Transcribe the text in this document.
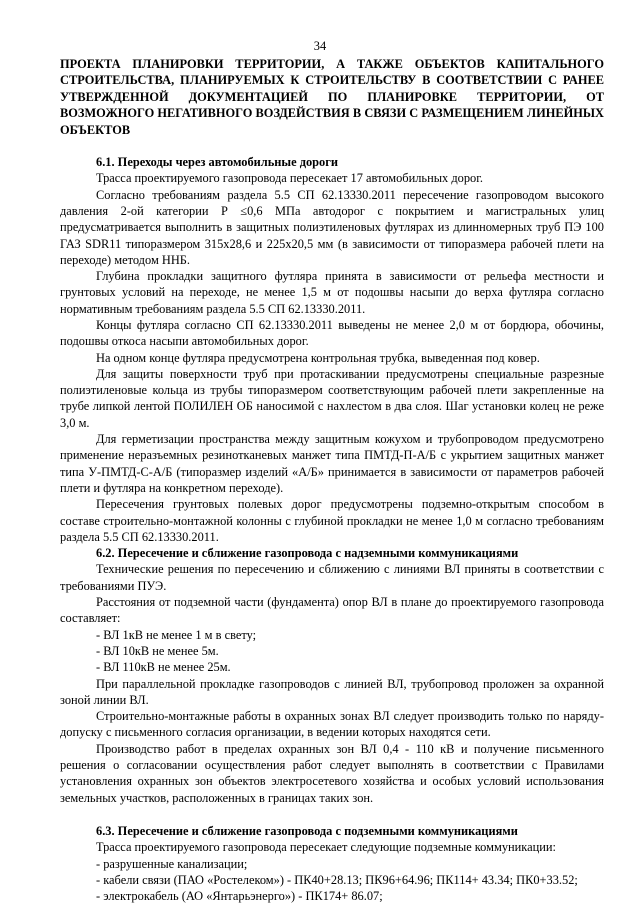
34
ПРОЕКТА ПЛАНИРОВКИ ТЕРРИТОРИИ, А ТАКЖЕ ОБЪЕКТОВ КАПИТАЛЬНОГО СТРОИТЕЛЬСТВА, ПЛАНИРУЕМЫХ К СТРОИТЕЛЬСТВУ В СООТВЕТСТВИИ С РАНЕЕ УТВЕРЖДЕННОЙ ДОКУМЕНТАЦИЕЙ ПО ПЛАНИРОВКЕ ТЕРРИТОРИИ, ОТ ВОЗМОЖНОГО НЕГАТИВНОГО ВОЗДЕЙСТВИЯ В СВЯЗИ С РАЗМЕЩЕНИЕМ ЛИНЕЙНЫХ ОБЪЕКТОВ
6.1. Переходы через автомобильные дороги

Трасса проектируемого газопровода пересекает 17 автомобильных дорог.

Согласно требованиям раздела 5.5 СП 62.13330.2011 пересечение газопроводом высокого давления 2-ой категории Р ≤0,6 МПа автодорог с покрытием и магистральных улиц предусматривается выполнить в защитных полиэтиленовых футлярах из длинномерных труб ПЭ 100 ГАЗ SDR11 типоразмером 315х28,6 и 225х20,5 мм (в зависимости от типоразмера рабочей плети на переходе) методом ННБ.

Глубина прокладки защитного футляра принята в зависимости от рельефа местности и грунтовых условий на переходе, не менее 1,5 м от подошвы насыпи до верха футляра согласно нормативным требованиям раздела 5.5 СП 62.13330.2011.

Концы футляра согласно СП 62.13330.2011 выведены не менее 2,0 м от бордюра, обочины, подошвы откоса насыпи автомобильных дорог.

На одном конце футляра предусмотрена контрольная трубка, выведенная под ковер.

Для защиты поверхности труб при протаскивании предусмотрены специальные разрезные полиэтиленовые кольца из трубы типоразмером соответствующим рабочей плети закрепленные на трубе липкой лентой ПОЛИЛЕН ОБ наносимой с нахлестом в два слоя. Шаг установки колец не реже 3,0 м.

Для герметизации пространства между защитным кожухом и трубопроводом предусмотрено применение неразъемных резинотканевых манжет типа ПМТД-П-А/Б с укрытием защитных манжет типа У-ПМТД-С-А/Б (типоразмер изделий «А/Б» принимается в зависимости от параметров рабочей плети и футляра на конкретном переходе).

Пересечения грунтовых полевых дорог предусмотрены подземно-открытым способом в составе строительно-монтажной колонны с глубиной прокладки не менее 1,0 м согласно требованиям раздела 5.5 СП 62.13330.2011.

6.2. Пересечение и сближение газопровода с надземными коммуникациями

Технические решения по пересечению и сближению с линиями ВЛ приняты в соответствии с требованиями ПУЭ.

Расстояния от подземной части (фундамента) опор ВЛ в плане до проектируемого газопровода составляет:

- ВЛ 1кВ не менее 1 м в свету;

- ВЛ 10кВ не менее 5м.

- ВЛ 110кВ не менее 25м.

При параллельной прокладке газопроводов с линией ВЛ, трубопровод проложен за охранной зоной линии ВЛ.

Строительно-монтажные работы в охранных зонах ВЛ следует производить только по наряду-допуску с письменного согласия организации, в ведении которых находятся сети.

Производство работ в пределах охранных зон ВЛ 0,4 - 110 кВ и получение письменного решения о согласовании осуществления работ следует выполнять в соответствии с Правилами установления охранных зон объектов электросетевого хозяйства и особых условий использования земельных участков, расположенных в границах таких зон.

6.3. Пересечение и сближение газопровода с подземными коммуникациями

Трасса проектируемого газопровода пересекает следующие подземные коммуникации:

- разрушенные канализации;

- кабели связи (ПАО «Ростелеком») - ПК40+28.13; ПК96+64.96; ПК114+ 43.34; ПК0+33.52;

- электрокабель (АО «Янтарьэнерго») - ПК174+ 86.07;
